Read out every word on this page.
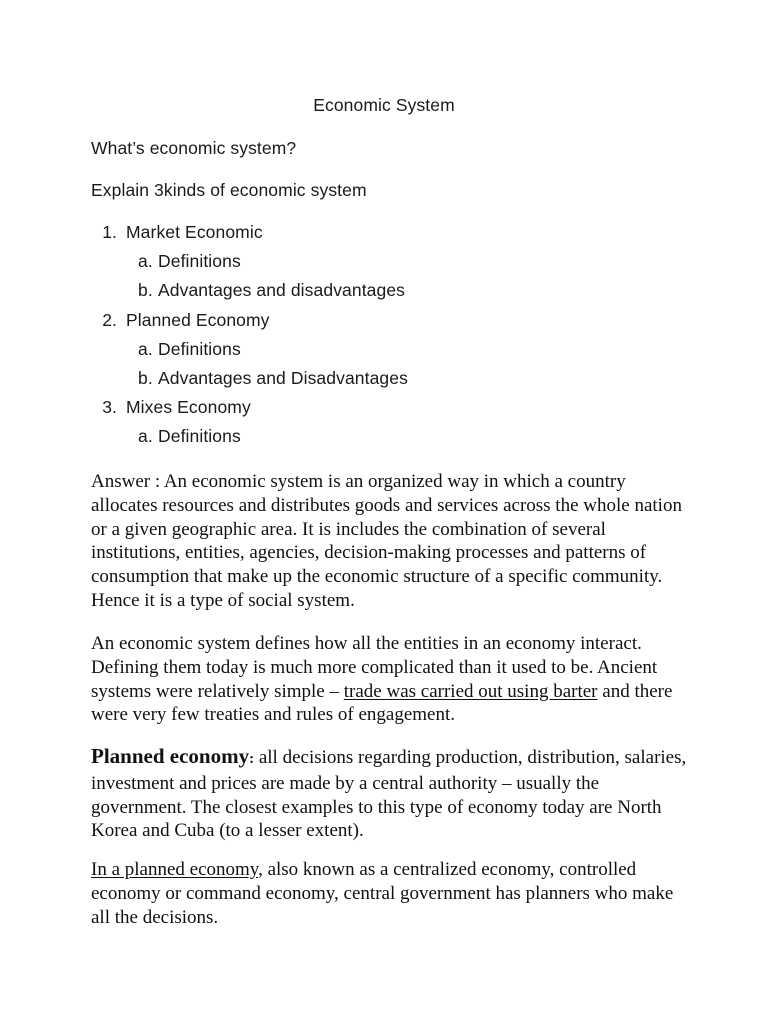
Economic System
What’s economic system?
Explain 3kinds of economic system
1. Market Economic
a. Definitions
b. Advantages and disadvantages
2. Planned Economy
a. Definitions
b. Advantages and Disadvantages
3. Mixes Economy
a. Definitions

Answer : An economic system is an organized way in which a country allocates resources and distributes goods and services across the whole nation or a given geographic area. It is includes the combination of several institutions, entities, agencies, decision-making processes and patterns of consumption that make up the economic structure of a specific community. Hence it is a type of social system.

An economic system defines how all the entities in an economy interact. Defining them today is much more complicated than it used to be. Ancient systems were relatively simple – trade was carried out using barter and there were very few treaties and rules of engagement.

Planned economy: all decisions regarding production, distribution, salaries, investment and prices are made by a central authority – usually the government. The closest examples to this type of economy today are North Korea and Cuba (to a lesser extent).

In a planned economy, also known as a centralized economy, controlled economy or command economy, central government has planners who make all the decisions.
